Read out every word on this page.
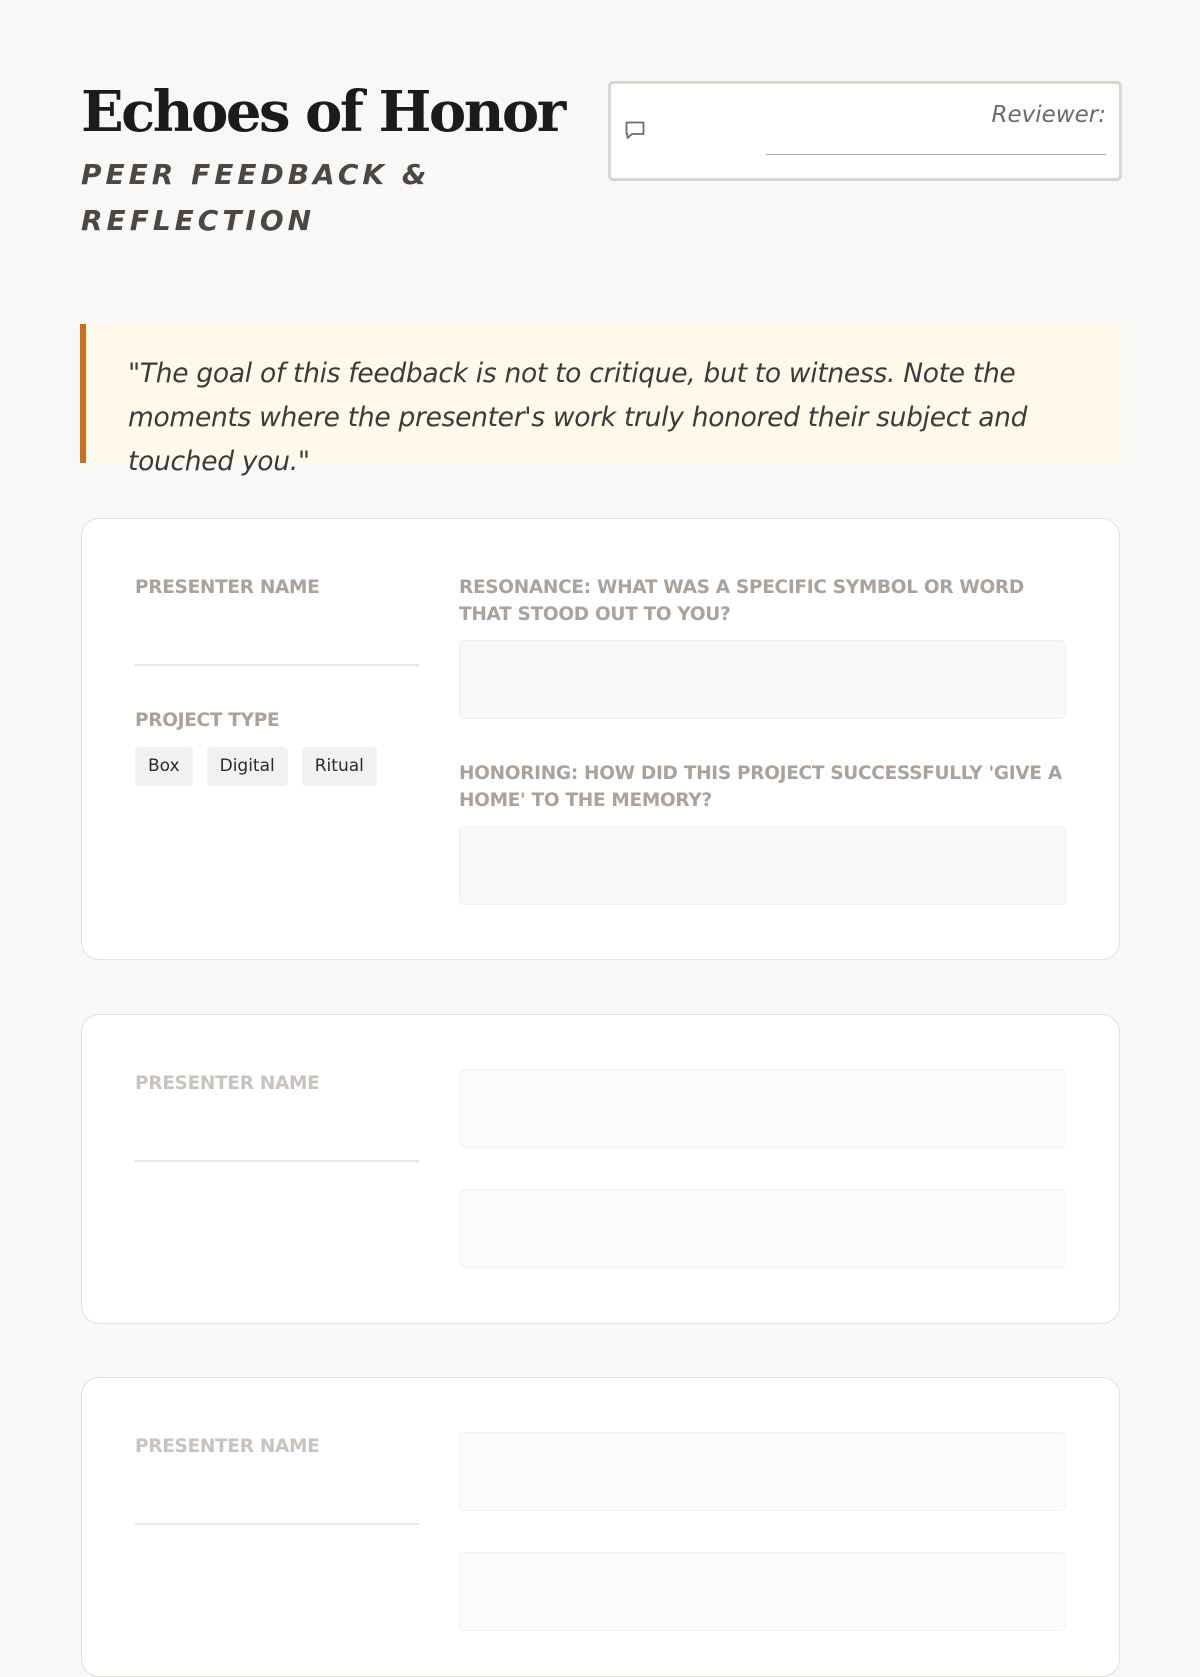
Echoes of Honor

PEER FEEDBACK & REFLECTION

Reviewer:

"The goal of this feedback is not to critique, but to witness. Note the moments where the presenter's work truly honored their subject and touched you."

PRESENTER NAME

PROJECT TYPE

Box	Digital	Ritual

RESONANCE: WHAT WAS A SPECIFIC SYMBOL OR WORD THAT STOOD OUT TO YOU?

HONORING: HOW DID THIS PROJECT SUCCESSFULLY 'GIVE A HOME' TO THE MEMORY?

PRESENTER NAME

PRESENTER NAME
